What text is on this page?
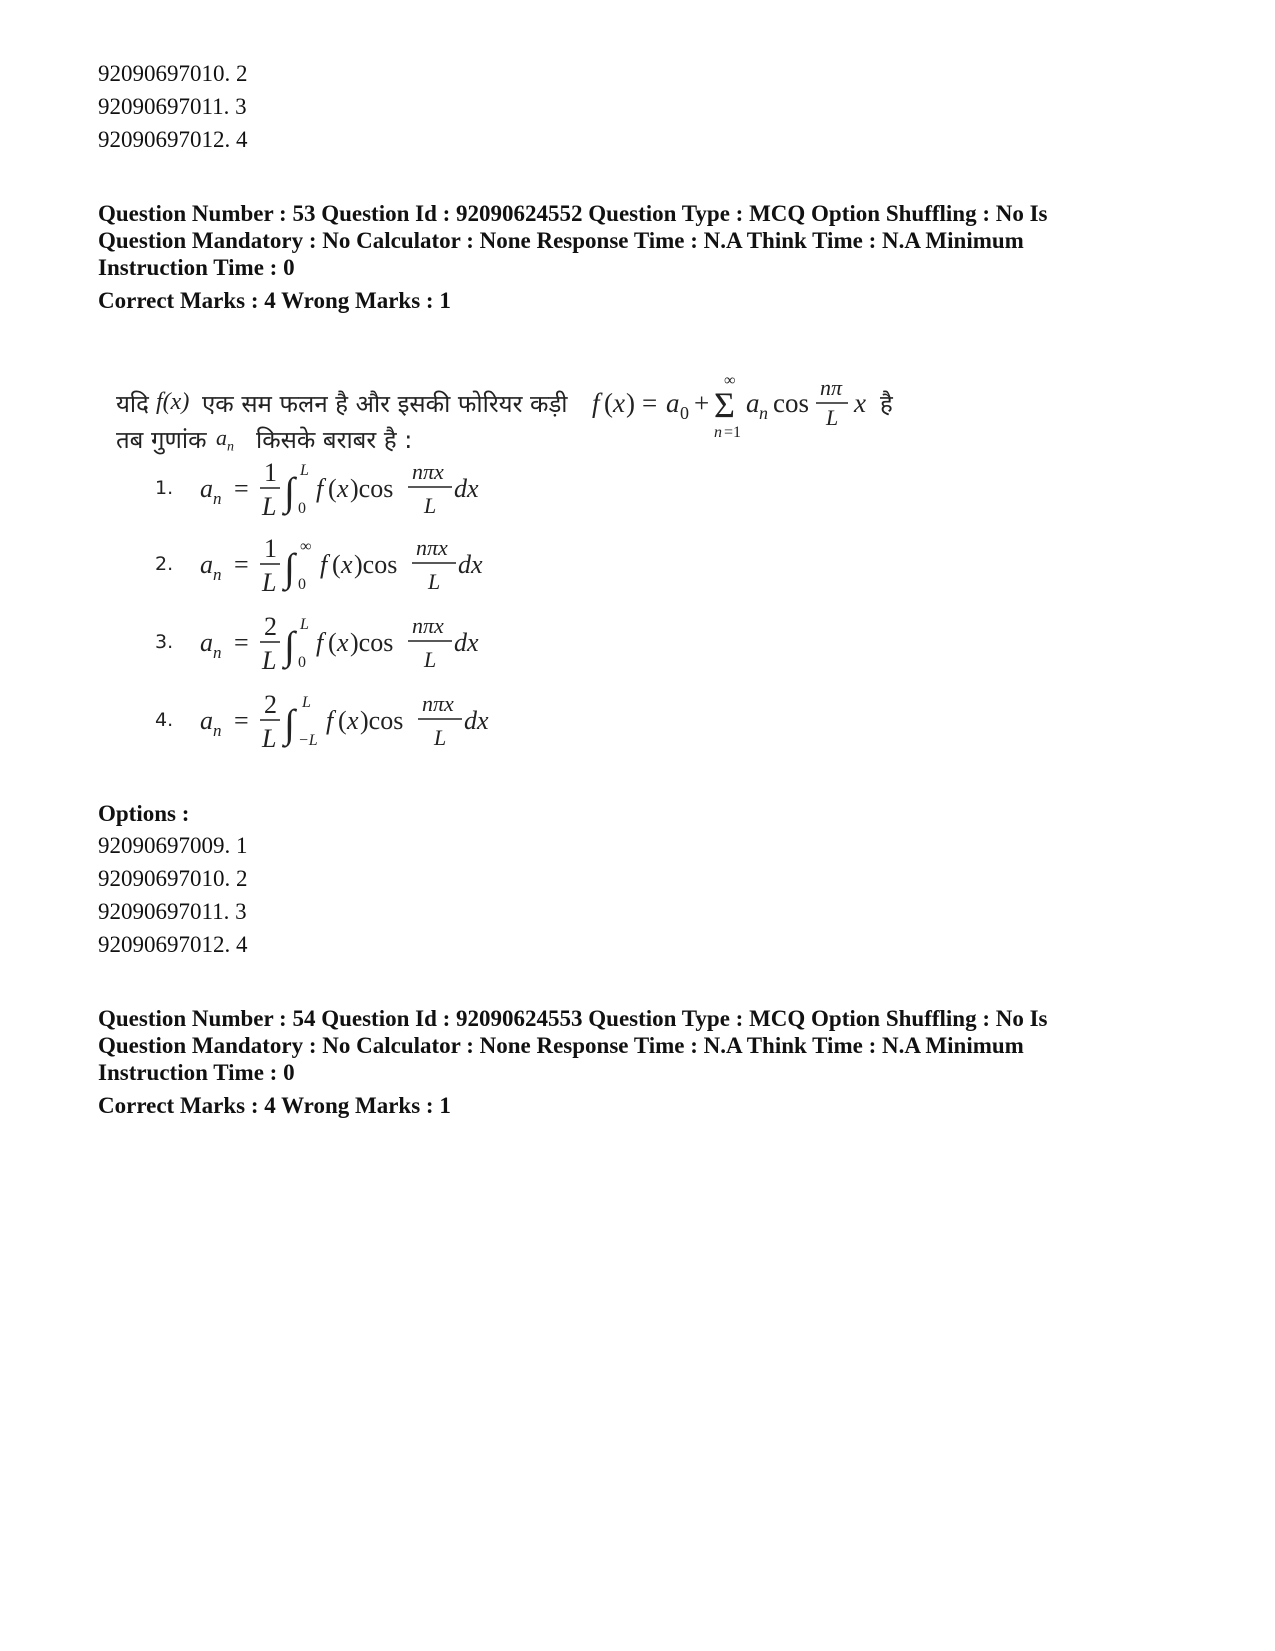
92090697010. 2
92090697011. 3
92090697012. 4
Question Number : 53 Question Id : 92090624552 Question Type : MCQ Option Shuffling : No Is
Question Mandatory : No Calculator : None Response Time : N.A Think Time : N.A Minimum
Instruction Time : 0
Correct Marks : 4 Wrong Marks : 1
यदि f(x) एक सम फलन है और इसकी फोरियर कड़ी f ( x ) = a 0 + Σ
∞
n =1
a n cos
nπ
L x है
तब गुणांक $a_n$ किसके बराबर है :
1. a n =
1
L ∫ L
0
f ( x )cos
nπx
L
dx
2. a n =
1
L ∫ ∞
0
f ( x )cos
nπx
L
dx
3. a n =
2
L ∫ L
0
f ( x )cos
nπx
L
dx
4. a n =
2
L ∫ L
−L
f ( x )cos
nπx
L
dx
Options :
92090697009. 1
92090697010. 2
92090697011. 3
92090697012. 4
Question Number : 54 Question Id : 92090624553 Question Type : MCQ Option Shuffling : No Is
Question Mandatory : No Calculator : None Response Time : N.A Think Time : N.A Minimum
Instruction Time : 0
Correct Marks : 4 Wrong Marks : 1
